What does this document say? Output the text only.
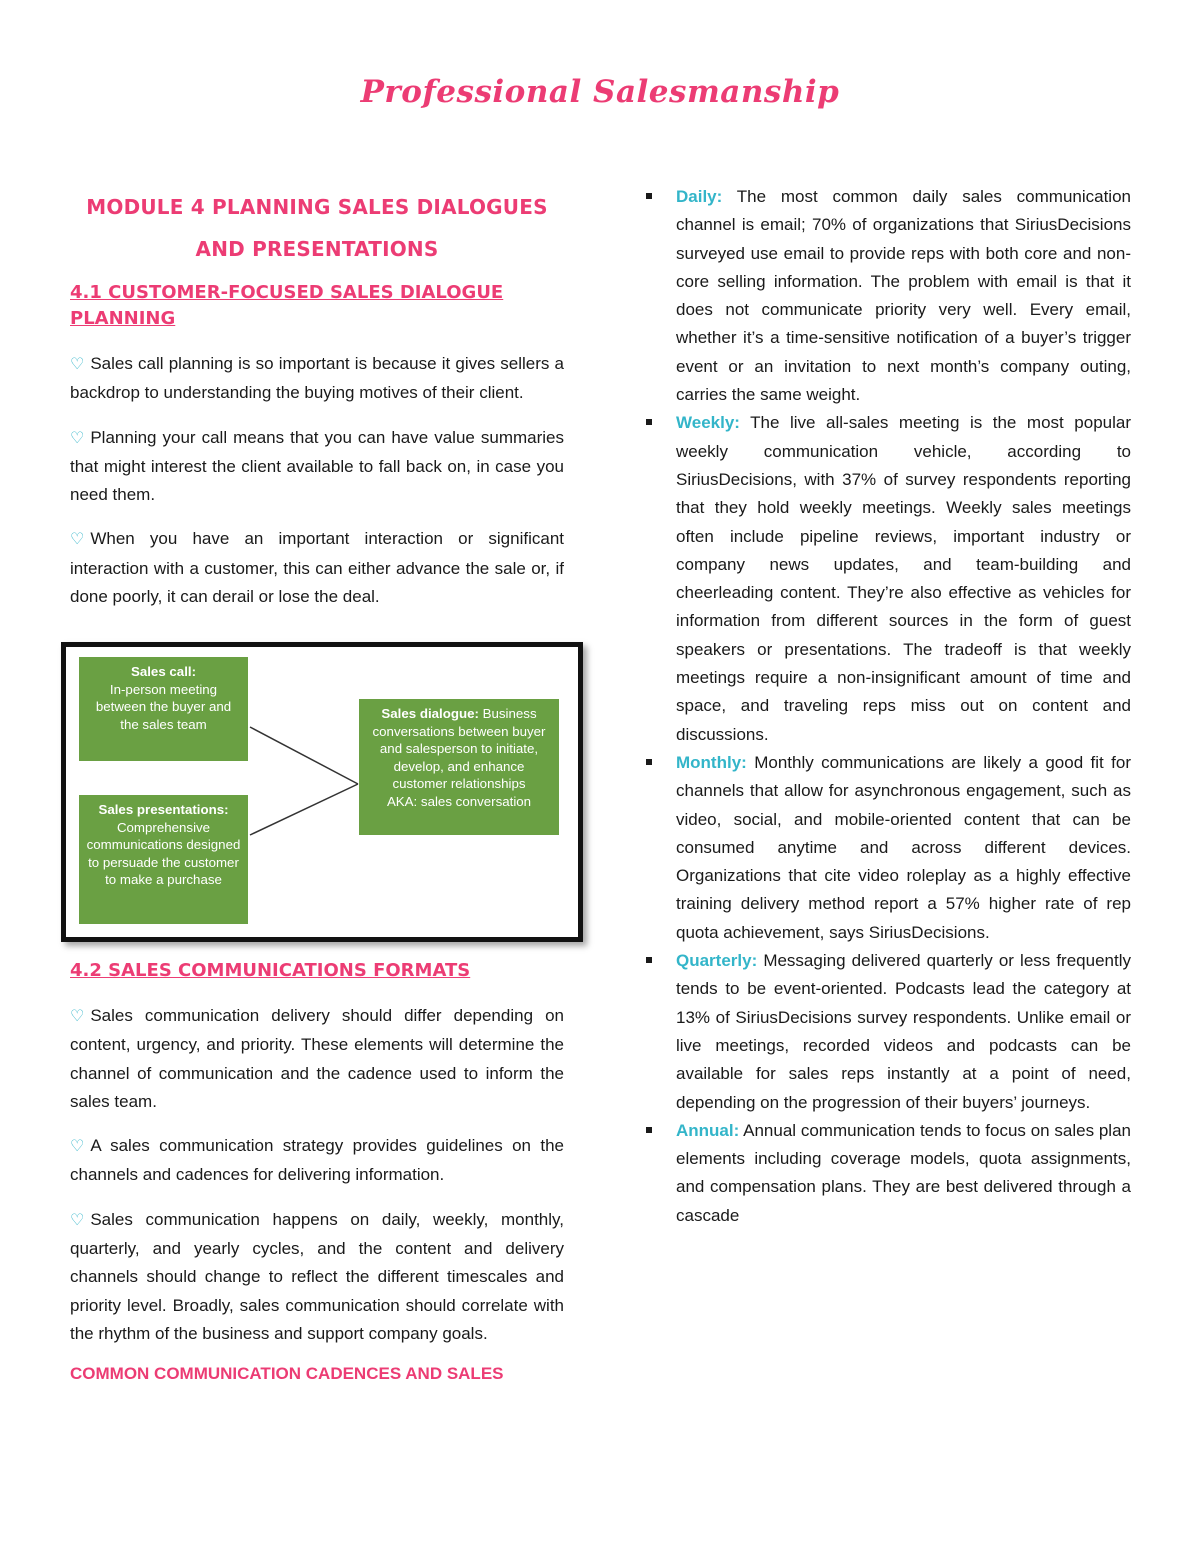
Professional Salesmanship
MODULE 4 PLANNING SALES DIALOGUES AND PRESENTATIONS
4.1 CUSTOMER-FOCUSED SALES DIALOGUE PLANNING

♡ Sales call planning is so important is because it gives sellers a backdrop to understanding the buying motives of their client.

♡ Planning your call means that you can have value summaries that might interest the client available to fall back on, in case you need them.

♡ When you have an important interaction or significant interaction with a customer, this can either advance the sale or, if done poorly, it can derail or lose the deal.

Sales call:
In-person meeting between the buyer and the sales team
Sales presentations:
Comprehensive communications designed to persuade the customer to make a purchase
Sales dialogue: Business conversations between buyer and salesperson to initiate, develop, and enhance customer relationships
AKA: sales conversation
4.2 SALES COMMUNICATIONS FORMATS

♡ Sales communication delivery should differ depending on content, urgency, and priority. These elements will determine the channel of communication and the cadence used to inform the sales team.

♡ A sales communication strategy provides guidelines on the channels and cadences for delivering information.

♡ Sales communication happens on daily, weekly, monthly, quarterly, and yearly cycles, and the content and delivery channels should change to reflect the different timescales and priority level. Broadly, sales communication should correlate with the rhythm of the business and support company goals.

COMMON COMMUNICATION CADENCES AND SALES
Daily: The most common daily sales communication channel is email; 70% of organizations that SiriusDecisions surveyed use email to provide reps with both core and non-core selling information. The problem with email is that it does not communicate priority very well. Every email, whether it’s a time-sensitive notification of a buyer’s trigger event or an invitation to next month’s company outing, carries the same weight.
Weekly: The live all-sales meeting is the most popular weekly communication vehicle, according to SiriusDecisions, with 37% of survey respondents reporting that they hold weekly meetings. Weekly sales meetings often include pipeline reviews, important industry or company news updates, and team-building and cheerleading content. They’re also effective as vehicles for information from different sources in the form of guest speakers or presentations. The tradeoff is that weekly meetings require a non-insignificant amount of time and space, and traveling reps miss out on content and discussions.
Monthly: Monthly communications are likely a good fit for channels that allow for asynchronous engagement, such as video, social, and mobile-oriented content that can be consumed anytime and across different devices. Organizations that cite video roleplay as a highly effective training delivery method report a 57% higher rate of rep quota achievement, says SiriusDecisions.
Quarterly: Messaging delivered quarterly or less frequently tends to be event-oriented. Podcasts lead the category at 13% of SiriusDecisions survey respondents. Unlike email or live meetings, recorded videos and podcasts can be available for sales reps instantly at a point of need, depending on the progression of their buyers’ journeys.
Annual: Annual communication tends to focus on sales plan elements including coverage models, quota assignments, and compensation plans. They are best delivered through a cascade
